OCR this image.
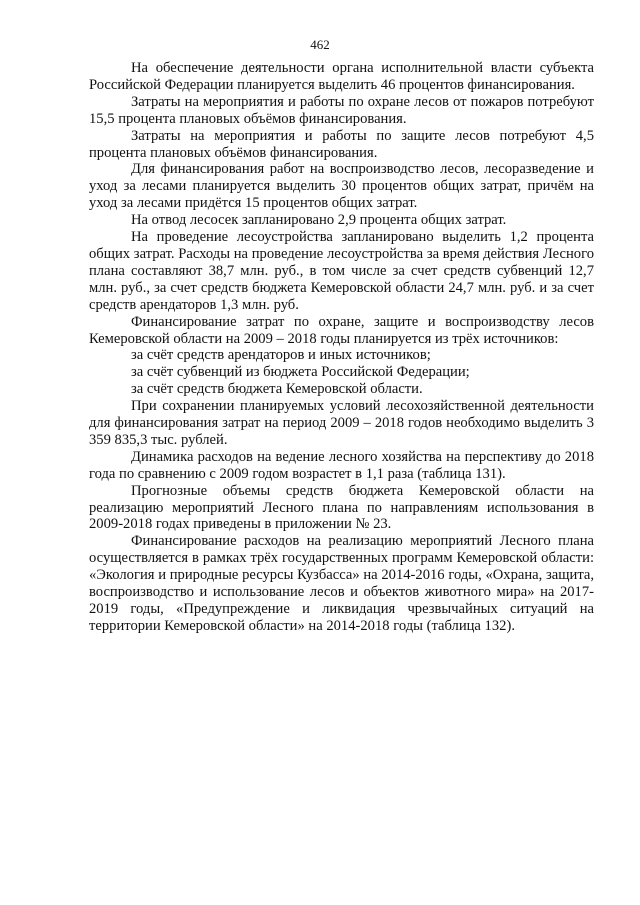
462

На обеспечение деятельности органа исполнительной власти субъекта Российской Федерации планируется выделить 46 процентов финансирования.

Затраты на мероприятия и работы по охране лесов от пожаров потребуют 15,5 процента плановых объёмов финансирования.

Затраты на мероприятия и работы по защите лесов потребуют 4,5 процента плановых объёмов финансирования.

Для финансирования работ на воспроизводство лесов, лесоразведение и уход за лесами планируется выделить 30 процентов общих затрат, причём на уход за лесами придётся 15 процентов общих затрат.

На отвод лесосек запланировано 2,9 процента общих затрат.

На проведение лесоустройства запланировано выделить 1,2 процента общих затрат. Расходы на проведение лесоустройства за время действия Лесного плана составляют 38,7 млн. руб., в том числе за счет средств субвенций 12,7 млн. руб., за счет средств бюджета Кемеровской области 24,7 млн. руб. и за счет средств арендаторов 1,3 млн. руб.

Финансирование затрат по охране, защите и воспроизводству лесов Кемеровской области на 2009 – 2018 годы планируется из трёх источников:

за счёт средств арендаторов и иных источников;

за счёт субвенций из бюджета Российской Федерации;

за счёт средств бюджета Кемеровской области.

При сохранении планируемых условий лесохозяйственной деятельности для финансирования затрат на период 2009 – 2018 годов необходимо выделить 3 359 835,3 тыс. рублей.

Динамика расходов на ведение лесного хозяйства на перспективу до 2018 года по сравнению с 2009 годом возрастет в 1,1 раза (таблица 131).

Прогнозные объемы средств бюджета Кемеровской области на реализацию мероприятий Лесного плана по направлениям использования в 2009-2018 годах приведены в приложении № 23.

Финансирование расходов на реализацию мероприятий Лесного плана осуществляется в рамках трёх государственных программ Кемеровской области: «Экология и природные ресурсы Кузбасса» на 2014-2016 годы, «Охрана, защита, воспроизводство и использование лесов и объектов животного мира» на 2017-2019 годы, «Предупреждение и ликвидация чрезвычайных ситуаций на территории Кемеровской области» на 2014-2018 годы (таблица 132).
